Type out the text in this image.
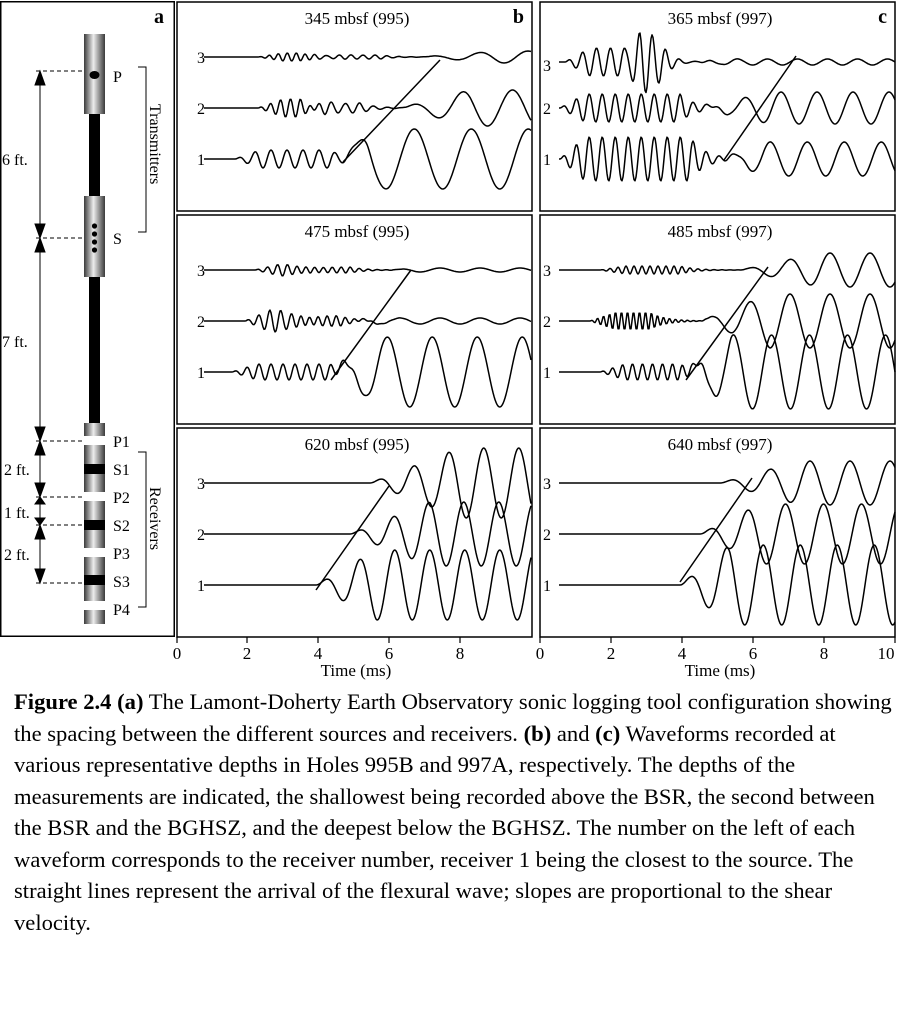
a
6 ft.
7 ft.
2 ft.
1 ft.
2 ft.
P
S
P1
S1
P2
S2
P3
S3
P4
Transmitters
Receivers
b	c
345 mbsf (995)
475 mbsf (995)
620 mbsf (995)
365 mbsf (997)
485 mbsf (997)
640 mbsf (997)
3
2
1
3
2
1
3
2
1
3
2
1
3
2
1
3
2
1
0	2	4	6	8	0	2	4	6	8	10
Time (ms)	Time (ms)
Figure 2.4 (a) The Lamont-Doherty Earth Observatory sonic logging tool configuration showing the spacing between the different sources and receivers. (b) and (c) Waveforms recorded at various representative depths in Holes 995B and 997A, respectively. The depths of the measurements are indicated, the shallowest being recorded above the BSR, the second between the BSR and the BGHSZ, and the deepest below the BGHSZ. The number on the left of each waveform corresponds to the receiver number, receiver 1 being the closest to the source. The straight lines represent the arrival of the flexural wave; slopes are proportional to the shear velocity.
